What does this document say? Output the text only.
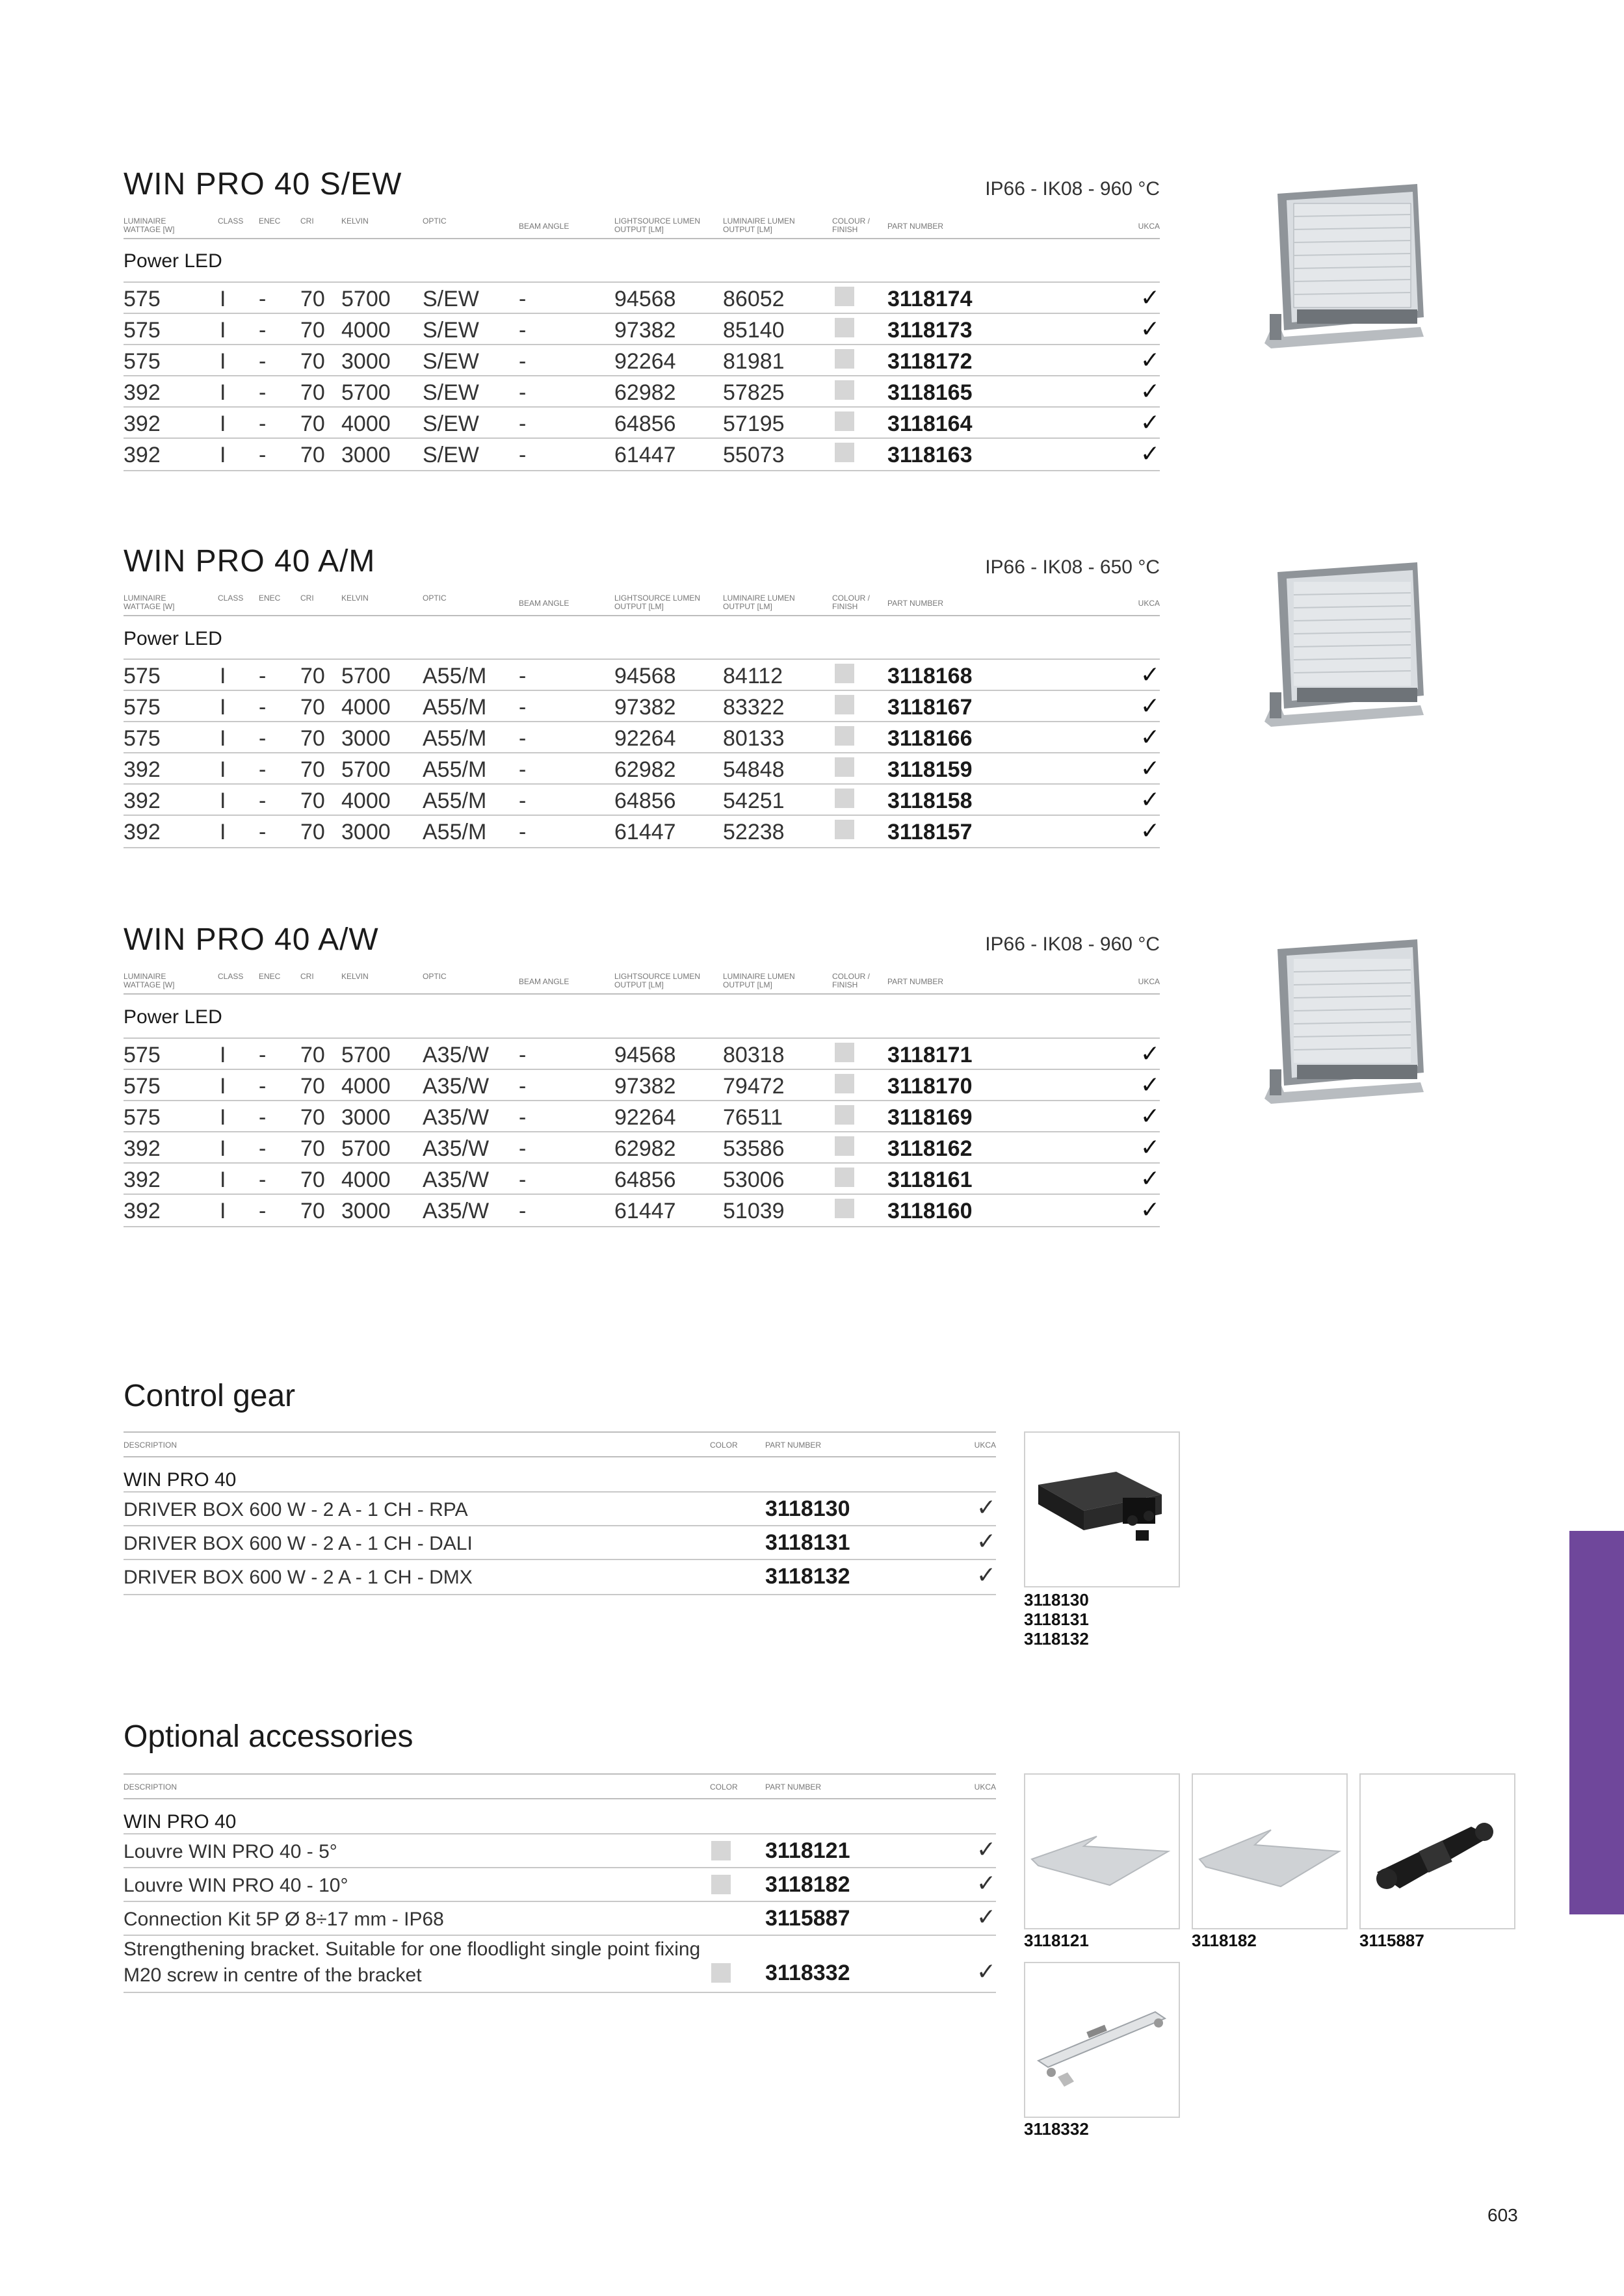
WIN PRO 40 S/EW	IP66 - IK08 - 960 °C
LUMINAIRE WATTAGE [W]
CLASS ENEC	CRI	KELVIN	OPTIC
BEAM ANGLE
LIGHTSOURCE LUMEN OUTPUT [LM]
LUMINAIRE LUMEN OUTPUT [LM]
COLOUR / FINISH	PART NUMBER	UKCA
Power LED
575	I - 70 5700 S/EW -	94568 86052	3118174	✓
575	I - 70 4000 S/EW -	97382 85140	3118173	✓
575	I - 70 3000 S/EW -	92264 81981	3118172	✓
392	I - 70 5700 S/EW -	62982 57825	3118165	✓
392	I - 70 4000 S/EW -	64856 57195	3118164	✓
392	I - 70 3000 S/EW -	61447 55073	3118163	✓
WIN PRO 40 A/M	IP66 - IK08 - 650 °C
LUMINAIRE WATTAGE [W]
CLASS ENEC	CRI	KELVIN	OPTIC
BEAM ANGLE
LIGHTSOURCE LUMEN OUTPUT [LM]
LUMINAIRE LUMEN OUTPUT [LM]
COLOUR / FINISH	PART NUMBER	UKCA
Power LED
575	I - 70 5700 A55/M -	94568 84112	3118168	✓
575	I - 70 4000 A55/M -	97382 83322	3118167	✓
575	I - 70 3000 A55/M -	92264 80133	3118166	✓
392	I - 70 5700 A55/M -	62982 54848	3118159	✓
392	I - 70 4000 A55/M -	64856 54251	3118158	✓
392	I - 70 3000 A55/M -	61447 52238	3118157	✓
WIN PRO 40 A/W	IP66 - IK08 - 960 °C
LUMINAIRE WATTAGE [W]
CLASS ENEC	CRI	KELVIN	OPTIC
BEAM ANGLE
LIGHTSOURCE LUMEN OUTPUT [LM]
LUMINAIRE LUMEN OUTPUT [LM]
COLOUR / FINISH	PART NUMBER	UKCA
Power LED
575	I - 70 5700 A35/W -	94568 80318	3118171	✓
575	I - 70 4000 A35/W -	97382 79472	3118170	✓
575	I - 70 3000 A35/W -	92264 76511	3118169	✓
392	I - 70 5700 A35/W -	62982 53586	3118162	✓
392	I - 70 4000 A35/W -	64856 53006	3118161	✓
392	I - 70 3000 A35/W -	61447 51039	3118160	✓
Control gear
DESCRIPTION	COLOR	PART NUMBER	UKCA
WIN PRO 40
DRIVER BOX 600 W - 2 A - 1 CH - RPA	3118130	✓
DRIVER BOX 600 W - 2 A - 1 CH - DALI	3118131	✓
DRIVER BOX 600 W - 2 A - 1 CH - DMX	3118132	✓
3118130
3118131
3118132
Optional accessories
DESCRIPTION	COLOR	PART NUMBER	UKCA
WIN PRO 40
Louvre WIN PRO 40 - 5°	3118121	✓
Louvre WIN PRO 40 - 10°	3118182	✓
Connection Kit 5P Ø 8÷17 mm - IP68	3115887	✓
Strengthening bracket. Suitable for one floodlight single point fixing
M20 screw in centre of the bracket	3118332	✓
3118121	3118182	3115887
3118332
603
